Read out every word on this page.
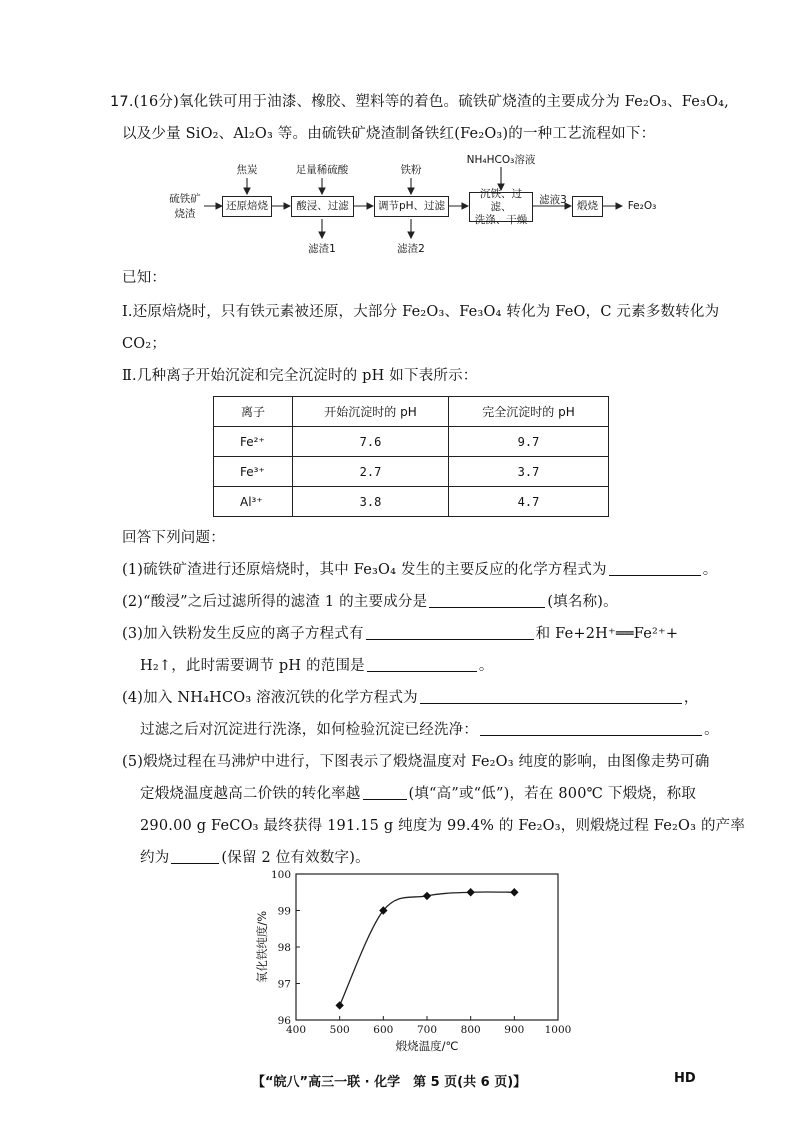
17.(16分)氧化铁可用于油漆、橡胶、塑料等的着色。硫铁矿烧渣的主要成分为 Fe₂O₃、Fe₃O₄,
以及少量 SiO₂、Al₂O₃ 等。由硫铁矿烧渣制备铁红(Fe₂O₃)的一种工艺流程如下：
硫铁矿
烧渣
焦炭	足量稀硫酸	铁粉
NH₄HCO₃溶液
还原焙烧	酸浸、过滤	调节pH、过滤
沉铁、过滤、
洗涤、干燥
煅烧
滤液3	Fe₂O₃
滤渣1	滤渣2
已知：
Ⅰ.还原焙烧时，只有铁元素被还原，大部分 Fe₂O₃、Fe₃O₄ 转化为 FeO，C 元素多数转化为
CO₂；
Ⅱ.几种离子开始沉淀和完全沉淀时的 pH 如下表所示：
离子	开始沉淀时的 pH	完全沉淀时的 pH
Fe²⁺	7.6	9.7
Fe³⁺	2.7	3.7
Al³⁺	3.8	4.7
回答下列问题：
(1)硫铁矿渣进行还原焙烧时，其中 Fe₃O₄ 发生的主要反应的化学方程式为	。
(2)“酸浸”之后过滤所得的滤渣 1 的主要成分是	(填名称)。
(3)加入铁粉发生反应的离子方程式有	和 Fe+2H⁺══Fe²⁺+
H₂↑，此时需要调节 pH 的范围是	。
(4)加入 NH₄HCO₃ 溶液沉铁的化学方程式为	，
过滤之后对沉淀进行洗涤，如何检验沉淀已经洗净：	。
(5)煅烧过程在马沸炉中进行，下图表示了煅烧温度对 Fe₂O₃ 纯度的影响，由图像走势可确
定煅烧温度越高二价铁的转化率越	(填“高”或“低”)，若在 800℃ 下煅烧，称取
290.00 g FeCO₃ 最终获得 191.15 g 纯度为 99.4% 的 Fe₂O₃，则煅烧过程 Fe₂O₃ 的产率
约为	(保留 2 位有效数字)。
400 500 600 700 800 900 1000
96
97
98
99
100
煅烧温度/℃
氧化铁纯度/%
【“皖八”高三一联 · 化学　第 5 页(共 6 页)】	HD
